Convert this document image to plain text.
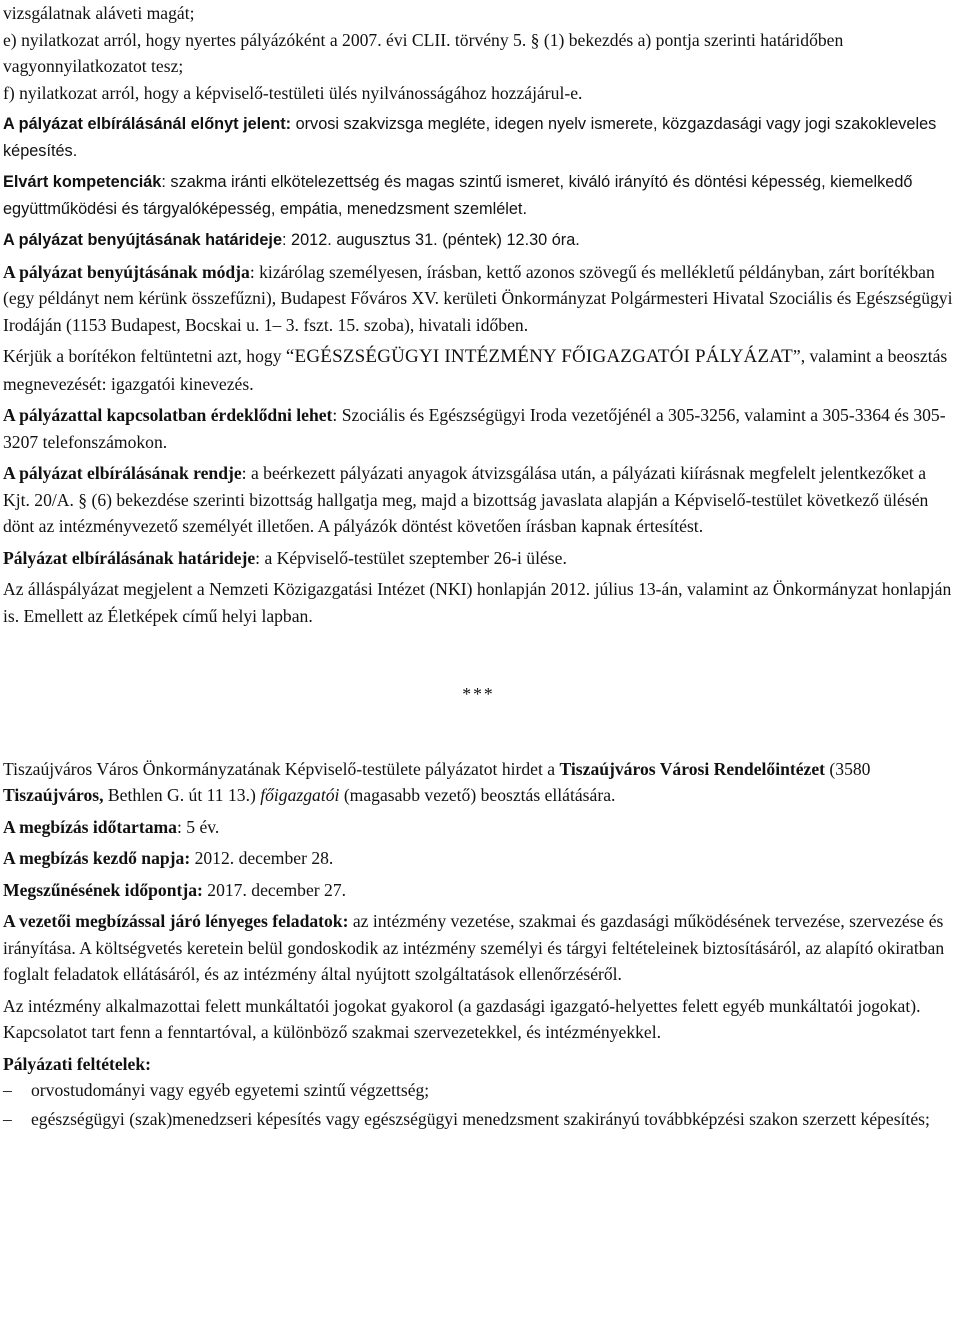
vizsgálatnak aláveti magát;

e) nyilatkozat arról, hogy nyertes pályázóként a 2007. évi CLII. törvény 5. § (1) bekezdés a) pontja szerinti határidőben vagyonnyilatkozatot tesz;

f) nyilatkozat arról, hogy a képviselő-testületi ülés nyilvánosságához hozzájárul-e.

A pályázat elbírálásánál előnyt jelent: orvosi szakvizsga megléte, idegen nyelv ismerete, közgazdasági vagy jogi szakokleveles képesítés.

Elvárt kompetenciák: szakma iránti elkötelezettség és magas szintű ismeret, kiváló irányító és döntési képesség, kiemelkedő együttműködési és tárgyalóképesség, empátia, menedzsment szemlélet.

A pályázat benyújtásának határideje: 2012. augusztus 31. (péntek) 12.30 óra.

A pályázat benyújtásának módja: kizárólag személyesen, írásban, kettő azonos szövegű és mellékletű példányban, zárt borítékban (egy példányt nem kérünk összefűzni), Budapest Főváros XV. kerületi Önkormányzat Polgármesteri Hivatal Szociális és Egészségügyi Irodáján (1153 Budapest, Bocskai u. 1– 3. fszt. 15. szoba), hivatali időben.

Kérjük a borítékon feltüntetni azt, hogy “EGÉSZSÉGÜGYI INTÉZMÉNY FŐIGAZGATÓI PÁLYÁZAT”, valamint a beosztás megnevezését: igazgatói kinevezés.

A pályázattal kapcsolatban érdeklődni lehet: Szociális és Egészségügyi Iroda vezetőjénél a 305-3256, valamint a 305-3364 és 305-3207 telefonszámokon.

A pályázat elbírálásának rendje: a beérkezett pályázati anyagok átvizsgálása után, a pályázati kiírásnak megfelelt jelentkezőket a Kjt. 20/A. § (6) bekezdése szerinti bizottság hallgatja meg, majd a bizottság javaslata alapján a Képviselő-testület következő ülésén dönt az intézményvezető személyét illetően. A pályázók döntést követően írásban kapnak értesítést.

Pályázat elbírálásának határideje: a Képviselő-testület szeptember 26-i ülése.

Az álláspályázat megjelent a Nemzeti Közigazgatási Intézet (NKI) honlapján 2012. július 13-án, valamint az Önkormányzat honlapján is. Emellett az Életképek című helyi lapban.

***

Tiszaújváros Város Önkormányzatának Képviselő-testülete pályázatot hirdet a Tiszaújváros Városi Rendelőintézet (3580 Tiszaújváros, Bethlen G. út 11 13.) főigazgatói (magasabb vezető) beosztás ellátására.

A megbízás időtartama: 5 év.

A megbízás kezdő napja: 2012. december 28.

Megszűnésének időpontja: 2017. december 27.

A vezetői megbízással járó lényeges feladatok: az intézmény vezetése, szakmai és gazdasági működésének tervezése, szervezése és irányítása. A költségvetés keretein belül gondoskodik az intézmény személyi és tárgyi feltételeinek biztosításáról, az alapító okiratban foglalt feladatok ellátásáról, és az intézmény által nyújtott szolgáltatások ellenőrzéséről.

Az intézmény alkalmazottai felett munkáltatói jogokat gyakorol (a gazdasági igazgató-helyettes felett egyéb munkáltatói jogokat). Kapcsolatot tart fenn a fenntartóval, a különböző szakmai szervezetekkel, és intézményekkel.

Pályázati feltételek:

– orvostudományi vagy egyéb egyetemi szintű végzettség;

– egészségügyi (szak)menedzseri képesítés vagy egészségügyi menedzsment szakirányú továbbképzési szakon szerzett képesítés;
